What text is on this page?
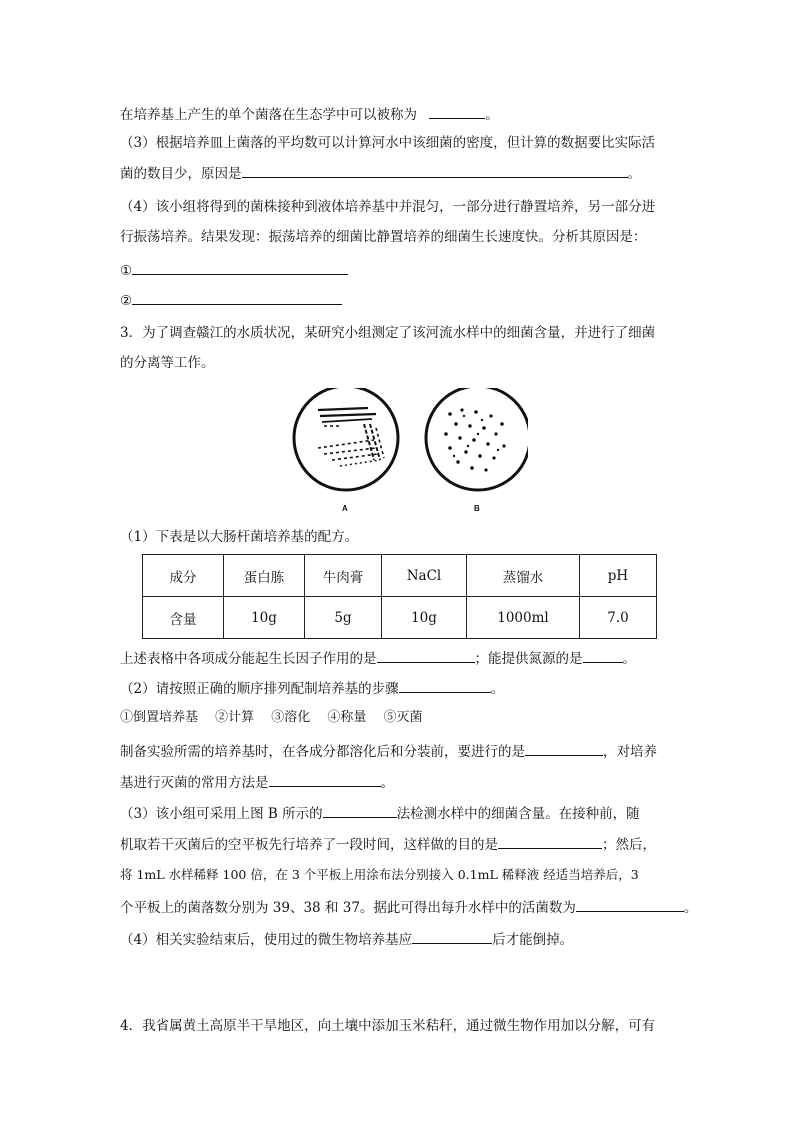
在培养基上产生的单个菌落在生态学中可以被称为	。
（3）根据培养皿上菌落的平均数可以计算河水中该细菌的密度，但计算的数据要比实际活
菌的数目少，原因是	。
（4）该小组将得到的菌株接种到液体培养基中并混匀，一部分进行静置培养，另一部分进
行振荡培养。结果发现：振荡培养的细菌比静置培养的细菌生长速度快。分析其原因是：
①
②
3．为了调查赣江的水质状况，某研究小组测定了该河流水样中的细菌含量，并进行了细菌
的分离等工作。
A	B
（1）下表是以大肠杆菌培养基的配方。
成分	蛋白胨	牛肉膏	NaCl	蒸馏水	pH
含量	10g	5g	10g	1000ml	7.0
上述表格中各项成分能起生长因子作用的是	；能提供氮源的是	。
（2）请按照正确的顺序排列配制培养基的步骤	。
①倒置培养基　 ②计算　 ③溶化　 ④称量　 ⑤灭菌
制备实验所需的培养基时，在各成分都溶化后和分装前，要进行的是	，对培养
基进行灭菌的常用方法是	。
（3）该小组可采用上图 B 所示的	法检测水样中的细菌含量。在接种前，随
机取若干灭菌后的空平板先行培养了一段时间，这样做的目的是	；然后，
将 1mL 水样稀释 100 倍，在 3 个平板上用涂布法分别接入 0.1mL 稀释液 经适当培养后，3
个平板上的菌落数分别为 39、38 和 37。据此可得出每升水样中的活菌数为	。
（4）相关实验结束后，使用过的微生物培养基应	后才能倒掉。
4．我省属黄土高原半干旱地区，向土壤中添加玉米秸秆，通过微生物作用加以分解，可有
